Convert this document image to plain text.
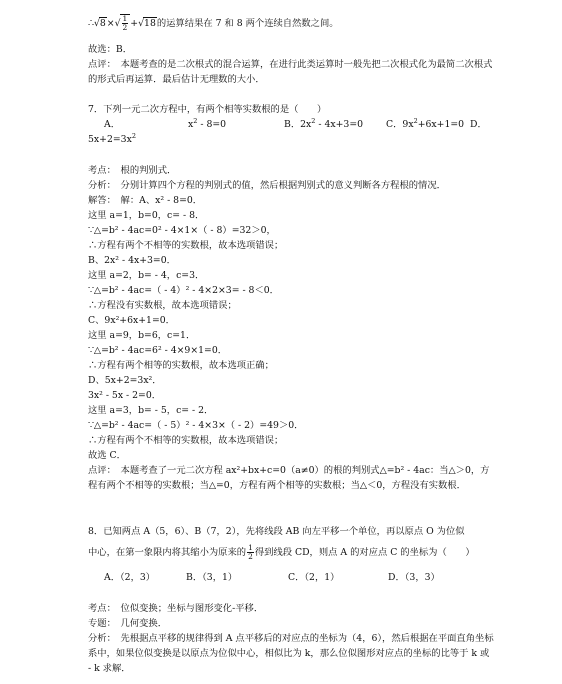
∴√8×√ $\frac{1}{2} +√18$的运算结果在 7 和 8 两个连续自然数之间。
故选：B．
点评：　本题考查的是二次根式的混合运算，在进行此类运算时一般先把二次根式化为最简二次根式的形式后再运算．最后估计无理数的大小．
7．下列一元二次方程中，有两个相等实数根的是（　　）
A．	$x^2 - 8=0$	B．$2x^2 - 4x+3=0$ C．$9x^2+6x+1=0$ D．
$5x+2=3x^2$
考点：　根的判别式．
分析：　分别计算四个方程的判别式的值，然后根据判别式的意义判断各方程根的情况．
解答：　解：A、x² - 8=0．
这里 a=1，b=0，c= - 8．
∵△=b² - 4ac=0² - 4×1×（ - 8）=32＞0，
∴方程有两个不相等的实数根，故本选项错误；
B、2x² - 4x+3=0．
这里 a=2，b= - 4，c=3．
∵△=b² - 4ac=（ - 4）² - 4×2×3= - 8＜0．
∴方程没有实数根，故本选项错误；
C、9x²+6x+1=0．
这里 a=9，b=6，c=1．
∵△=b² - 4ac=6² - 4×9×1=0．
∴方程有两个相等的实数根，故本选项正确；
D、5x+2=3x²．
3x² - 5x - 2=0．
这里 a=3，b= - 5，c= - 2．
∵△=b² - 4ac=（ - 5）² - 4×3×（ - 2）=49＞0．
∴方程有两个不相等的实数根，故本选项错误；
故选 C．
点评：　本题考查了一元二次方程 ax²+bx+c=0（a≠0）的根的判别式△=b² - 4ac：当△＞0，方程有两个不相等的实数根；当△=0，方程有两个相等的实数根；当△＜0，方程没有实数根．
8．已知两点 A（5，6）、B（7，2），先将线段 AB 向左平移一个单位，再以原点 O 为位似
中心，在第一象限内将其缩小为原来的 $\frac{1}{2}$ 得到线段 CD，则点 A 的对应点 C 的坐标为（　　）
A．（2，3）	B．（3，1）	C．（2，1）	D．（3，3）
考点：　位似变换；坐标与图形变化-平移．
专题：　几何变换．
分析：　先根据点平移的规律得到 A 点平移后的对应点的坐标为（4，6），然后根据在平面直角坐标系中，如果位似变换是以原点为位似中心，相似比为 k，那么位似图形对应点的坐标的比等于 k 或 - k 求解．
